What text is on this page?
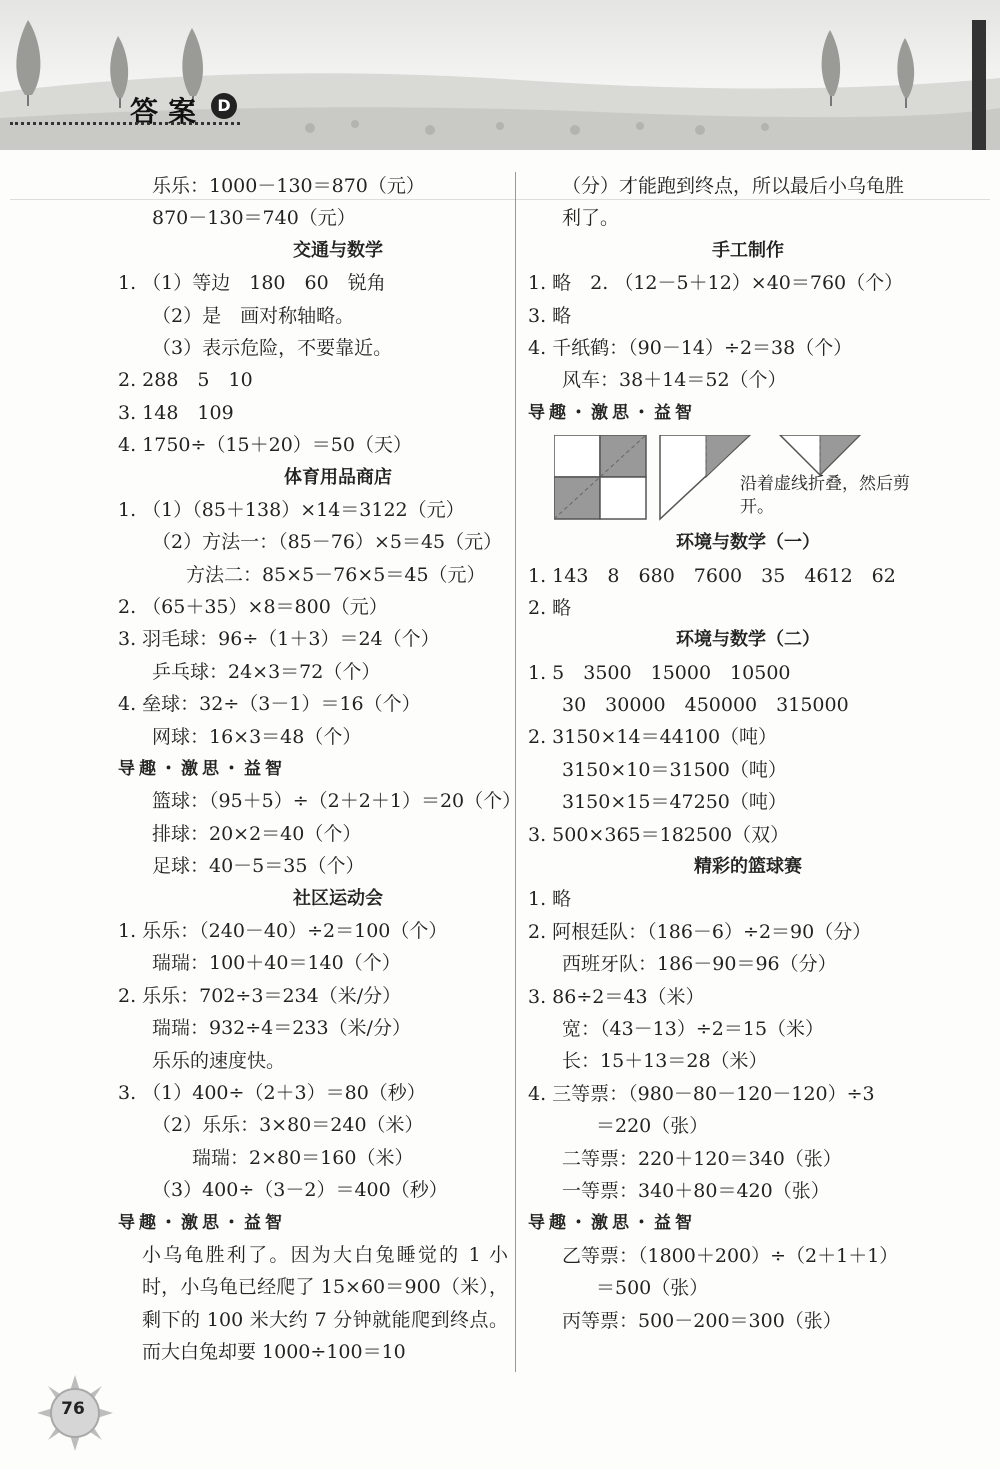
答案 D
乐乐：1000－130＝870（元）
870－130＝740（元）
交通与数学
1. （1）等边　180　60　锐角
（2）是　画对称轴略。
（3）表示危险，不要靠近。
2. 288　5　10
3. 148　109
4. 1750÷（15＋20）＝50（天）
体育用品商店
1. （1）（85＋138）×14＝3122（元）
（2）方法一：（85－76）×5＝45（元）
方法二：85×5－76×5＝45（元）
2. （65＋35）×8＝800（元）
3. 羽毛球：96÷（1＋3）＝24（个）
乒乓球：24×3＝72（个）
4. 垒球：32÷（3－1）＝16（个）
网球：16×3＝48（个）
导趣・激思・益智
篮球：（95＋5）÷（2＋2＋1）＝20（个）
排球：20×2＝40（个）
足球：40－5＝35（个）
社区运动会
1. 乐乐：（240－40）÷2＝100（个）
瑞瑞：100＋40＝140（个）
2. 乐乐：702÷3＝234（米/分）
瑞瑞：932÷4＝233（米/分）
乐乐的速度快。
3. （1）400÷（2＋3）＝80（秒）
（2）乐乐：3×80＝240（米）
瑞瑞：2×80＝160（米）
（3）400÷（3－2）＝400（秒）
导趣・激思・益智
小乌龟胜利了。因为大白兔睡觉的 1 小时，小乌龟已经爬了 15×60＝900（米），剩下的 100 米大约 7 分钟就能爬到终点。而大白兔却要 1000÷100＝10
（分）才能跑到终点，所以最后小乌龟胜
利了。
手工制作
1. 略　2. （12－5＋12）×40＝760（个）
3. 略
4. 千纸鹤：（90－14）÷2＝38（个）
风车：38＋14＝52（个）
导趣・激思・益智
沿着虚线折叠，然后剪开。
环境与数学（一）
1. 143　8　680　7600　35　4612　62
2. 略
环境与数学（二）
1. 5　3500　15000　10500
30　30000　450000　315000
2. 3150×14＝44100（吨）
3150×10＝31500（吨）
3150×15＝47250（吨）
3. 500×365＝182500（双）
精彩的篮球赛
1. 略
2. 阿根廷队：（186－6）÷2＝90（分）
西班牙队：186－90＝96（分）
3. 86÷2＝43（米）
宽：（43－13）÷2＝15（米）
长：15＋13＝28（米）
4. 三等票：（980－80－120－120）÷3
＝220（张）
二等票：220＋120＝340（张）
一等票：340＋80＝420（张）
导趣・激思・益智
乙等票：（1800＋200）÷（2＋1＋1）
＝500（张）
丙等票：500－200＝300（张）
76
